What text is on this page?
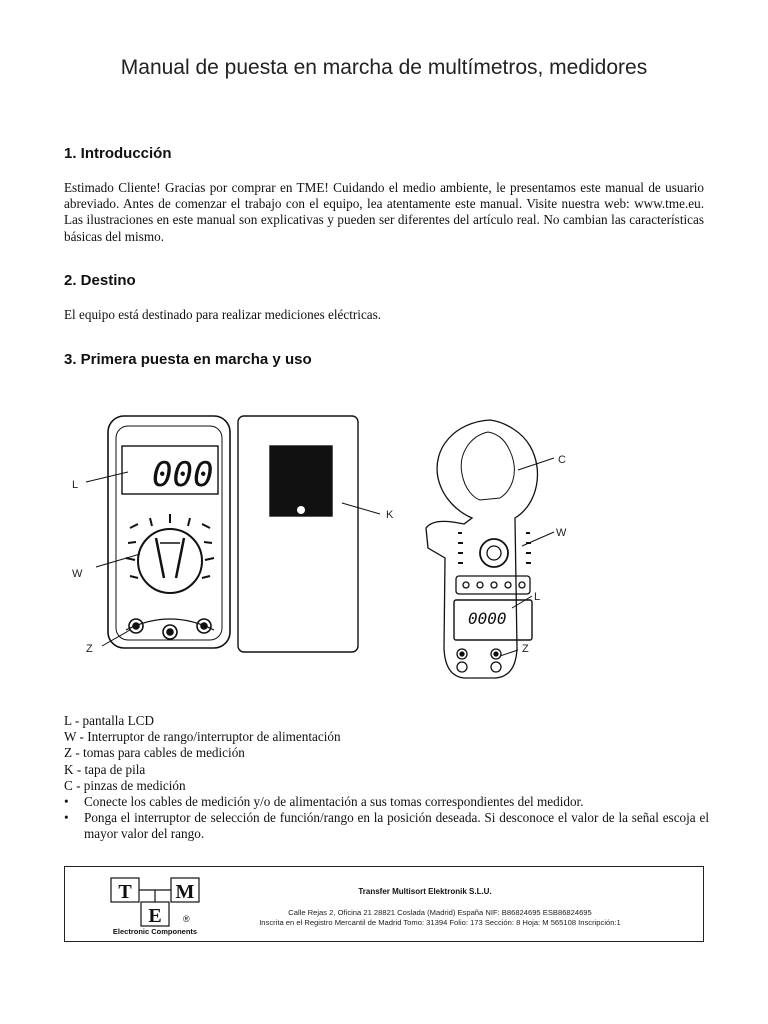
Manual de puesta en marcha de multímetros, medidores
1. Introducción
Estimado Cliente! Gracias por comprar en TME! Cuidando el medio ambiente, le presentamos este manual de usuario abreviado. Antes de comenzar el trabajo con el equipo, lea atentamente este manual. Visite nuestra web: www.tme.eu. Las ilustraciones en este manual son explicativas y pueden ser diferentes del artículo real. No cambian las características básicas del mismo.
2. Destino
El equipo está destinado para realizar mediciones eléctricas.
3. Primera puesta en marcha y uso
000
0000
L
W
Z
K
C
W
L
Z
L - pantalla LCD
W - Interruptor de rango/interruptor de alimentación
Z - tomas para cables de medición
K - tapa de pila
C - pinzas de medición
•	Conecte los cables de medición y/o de alimentación a sus tomas correspondientes del medidor.
•	Ponga el interruptor de selección de función/rango en la posición deseada. Si desconoce el valor de la señal escoja el mayor valor del rango.
T M
E ®
Electronic Components
Transfer Multisort Elektronik S.L.U.
Calle Rejas 2, Oficina 21 28821 Coslada (Madrid) España NIF: B86824695 ESB86824695
Inscrita en el Registro Mercantil de Madrid Tomo: 31394 Folio: 173 Sección: 8 Hoja: M 565108 Inscripción:1
